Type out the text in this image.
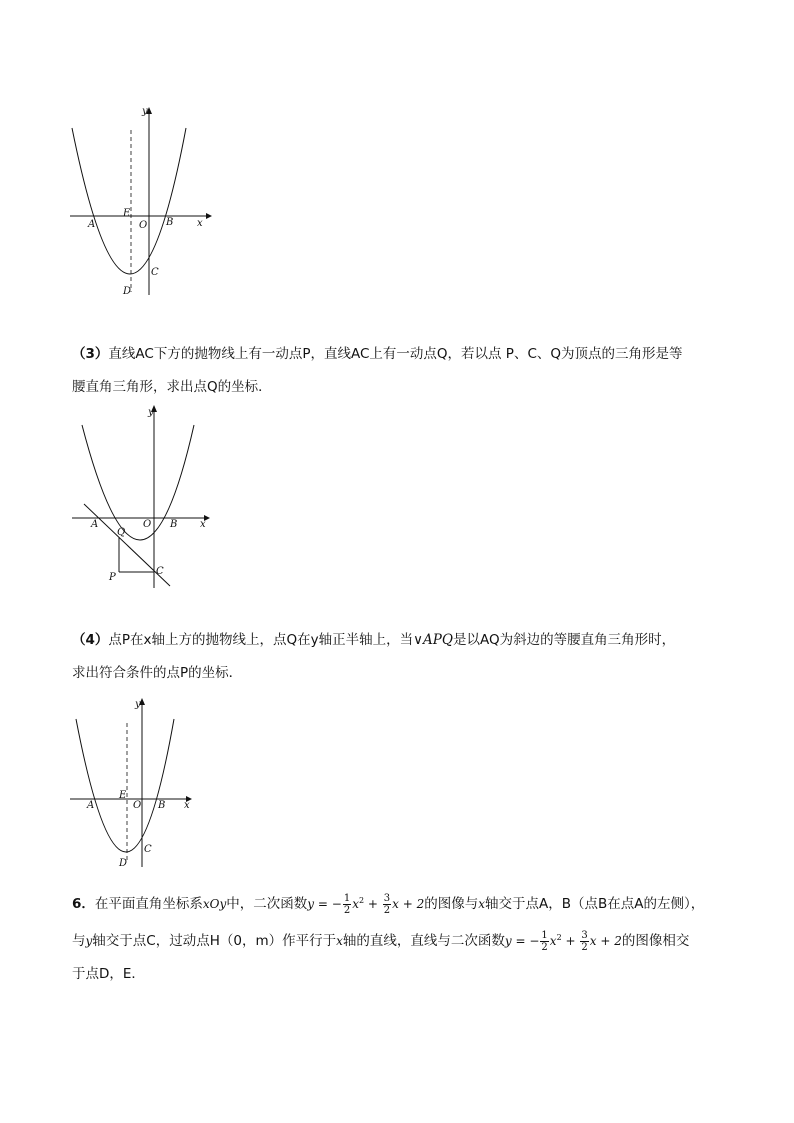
y
x
A
E
O B
C
D
（3）直线AC下方的抛物线上有一动点P，直线AC上有一动点Q，若以点 P、C、Q为顶点的三角形是等
腰直角三角形，求出点Q的坐标．
y
x
A	O B
Q
P
C
（4）点P在x轴上方的抛物线上，点Q在y轴正半轴上，当∨APQ是以AQ为斜边的等腰直角三角形时，
求出符合条件的点P的坐标．
y
x
A
E
O B
C
D
6．在平面直角坐标系xOy中，二次函数y = − $\frac{1}{2} x^2 + \frac{3}{2}$ x + 2的图像与x轴交于点A，B（点B在点A的左侧），
与y轴交于点C，过动点H（0，m）作平行于x轴的直线，直线与二次函数y = − $\frac{1}{2} x^2 + \frac{3}{2}$ x + 2的图像相交
于点D，E．
